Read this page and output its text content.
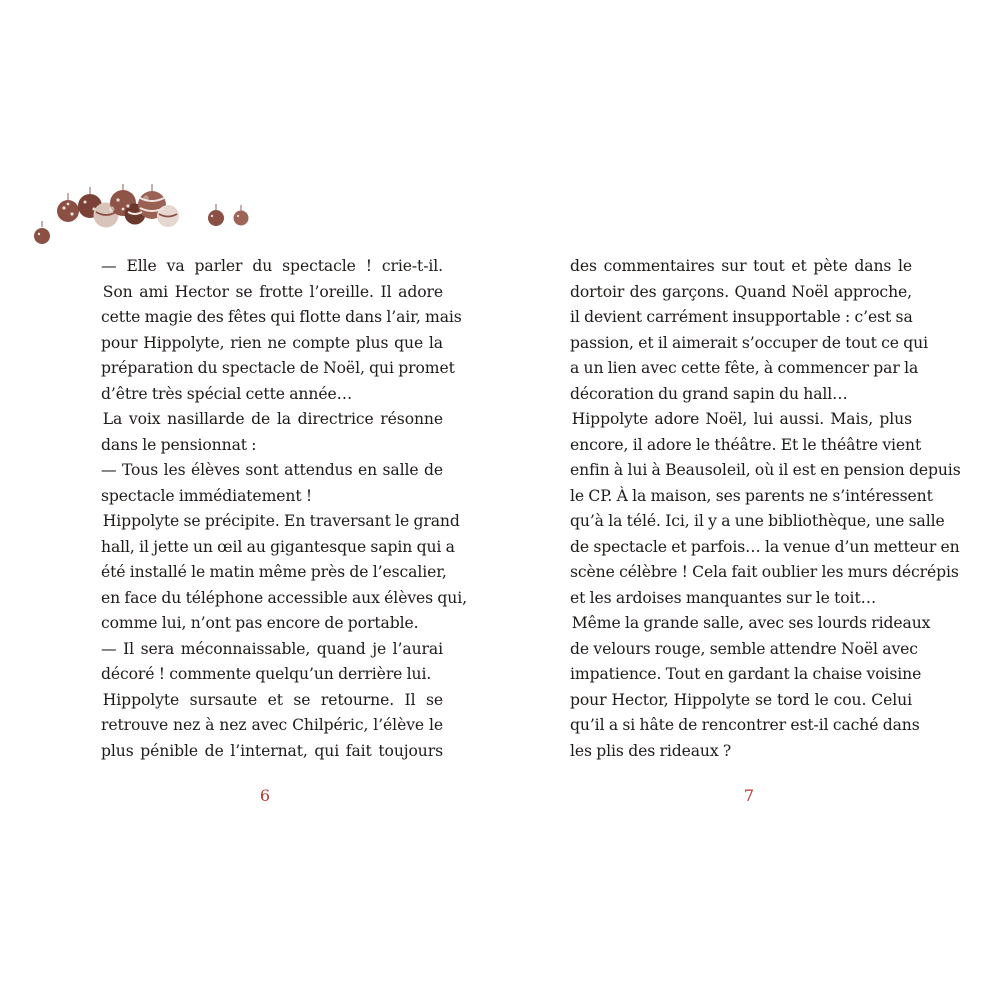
— Elle va parler du spectacle ! crie-t-il.
Son ami Hector se frotte l’oreille. Il adore
cette magie des fêtes qui flotte dans l’air, mais
pour Hippolyte, rien ne compte plus que la
préparation du spectacle de Noël, qui promet
d’être très spécial cette année…
La voix nasillarde de la directrice résonne
dans le pensionnat :
— Tous les élèves sont attendus en salle de
spectacle immédiatement !
Hippolyte se précipite. En traversant le grand
hall, il jette un œil au gigantesque sapin qui a
été installé le matin même près de l’escalier,
en face du téléphone accessible aux élèves qui,
comme lui, n’ont pas encore de portable.
— Il sera méconnaissable, quand je l’aurai
décoré ! commente quelqu’un derrière lui.
Hippolyte sursaute et se retourne. Il se
retrouve nez à nez avec Chilpéric, l’élève le
plus pénible de l’internat, qui fait toujours
des commentaires sur tout et pète dans le
dortoir des garçons. Quand Noël approche,
il devient carrément insupportable : c’est sa
passion, et il aimerait s’occuper de tout ce qui
a un lien avec cette fête, à commencer par la
décoration du grand sapin du hall…
Hippolyte adore Noël, lui aussi. Mais, plus
encore, il adore le théâtre. Et le théâtre vient
enfin à lui à Beausoleil, où il est en pension depuis
le CP. À la maison, ses parents ne s’intéressent
qu’à la télé. Ici, il y a une bibliothèque, une salle
de spectacle et parfois… la venue d’un metteur en
scène célèbre ! Cela fait oublier les murs décrépis
et les ardoises manquantes sur le toit…
Même la grande salle, avec ses lourds rideaux
de velours rouge, semble attendre Noël avec
impatience. Tout en gardant la chaise voisine
pour Hector, Hippolyte se tord le cou. Celui
qu’il a si hâte de rencontrer est-il caché dans
les plis des rideaux ?
6	7
